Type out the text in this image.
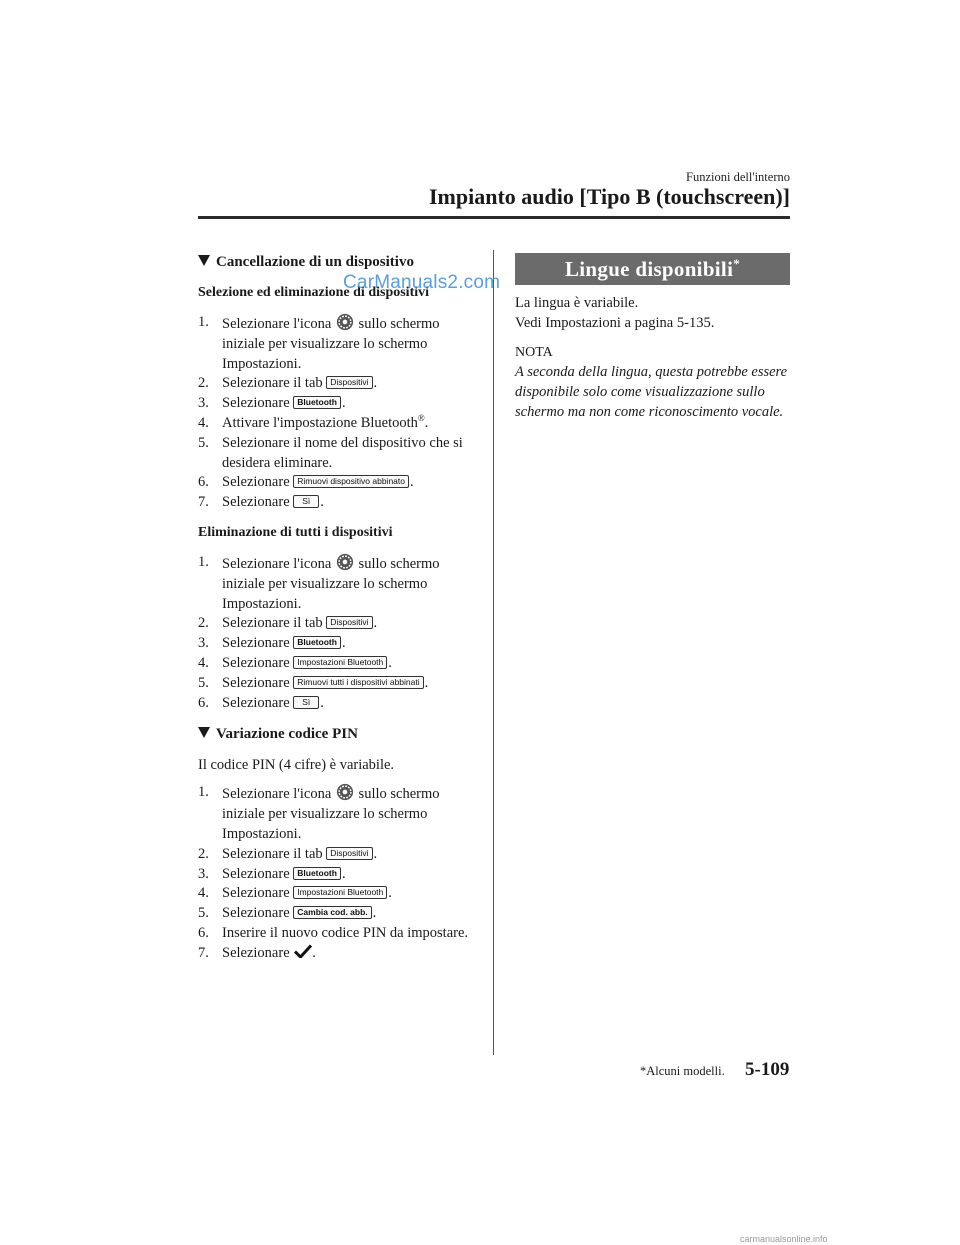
Funzioni dell'interno
Impianto audio [Tipo B (touchscreen)]
Cancellazione di un dispositivo
Selezione ed eliminazione di dispositivi
1. Selezionare l'icona sullo schermo iniziale per visualizzare lo schermo Impostazioni.
2. Selezionare il tab Dispositivi .
3. Selezionare Bluetooth .
4. Attivare l'impostazione Bluetooth®.
5. Selezionare il nome del dispositivo che si desidera eliminare.
6. Selezionare Rimuovi dispositivo abbinato .
7. Selezionare Sì .
Eliminazione di tutti i dispositivi
1. Selezionare l'icona sullo schermo iniziale per visualizzare lo schermo Impostazioni.
2. Selezionare il tab Dispositivi .
3. Selezionare Bluetooth .
4. Selezionare Impostazioni Bluetooth .
5. Selezionare Rimuovi tutti i dispositivi abbinati .
6. Selezionare Sì .
Variazione codice PIN
Il codice PIN (4 cifre) è variabile.
1. Selezionare l'icona sullo schermo iniziale per visualizzare lo schermo Impostazioni.
2. Selezionare il tab Dispositivi .
3. Selezionare Bluetooth .
4. Selezionare Impostazioni Bluetooth .
5. Selezionare Cambia cod. abb. .
6. Inserire il nuovo codice PIN da impostare.
7. Selezionare .
CarManuals2.com
Lingue disponibili*
La lingua è variabile.
Vedi Impostazioni a pagina 5-135.
NOTA
A seconda della lingua, questa potrebbe essere disponibile solo come visualizzazione sullo schermo ma non come riconoscimento vocale.
*Alcuni modelli. 5-109
carmanualsonline.info
